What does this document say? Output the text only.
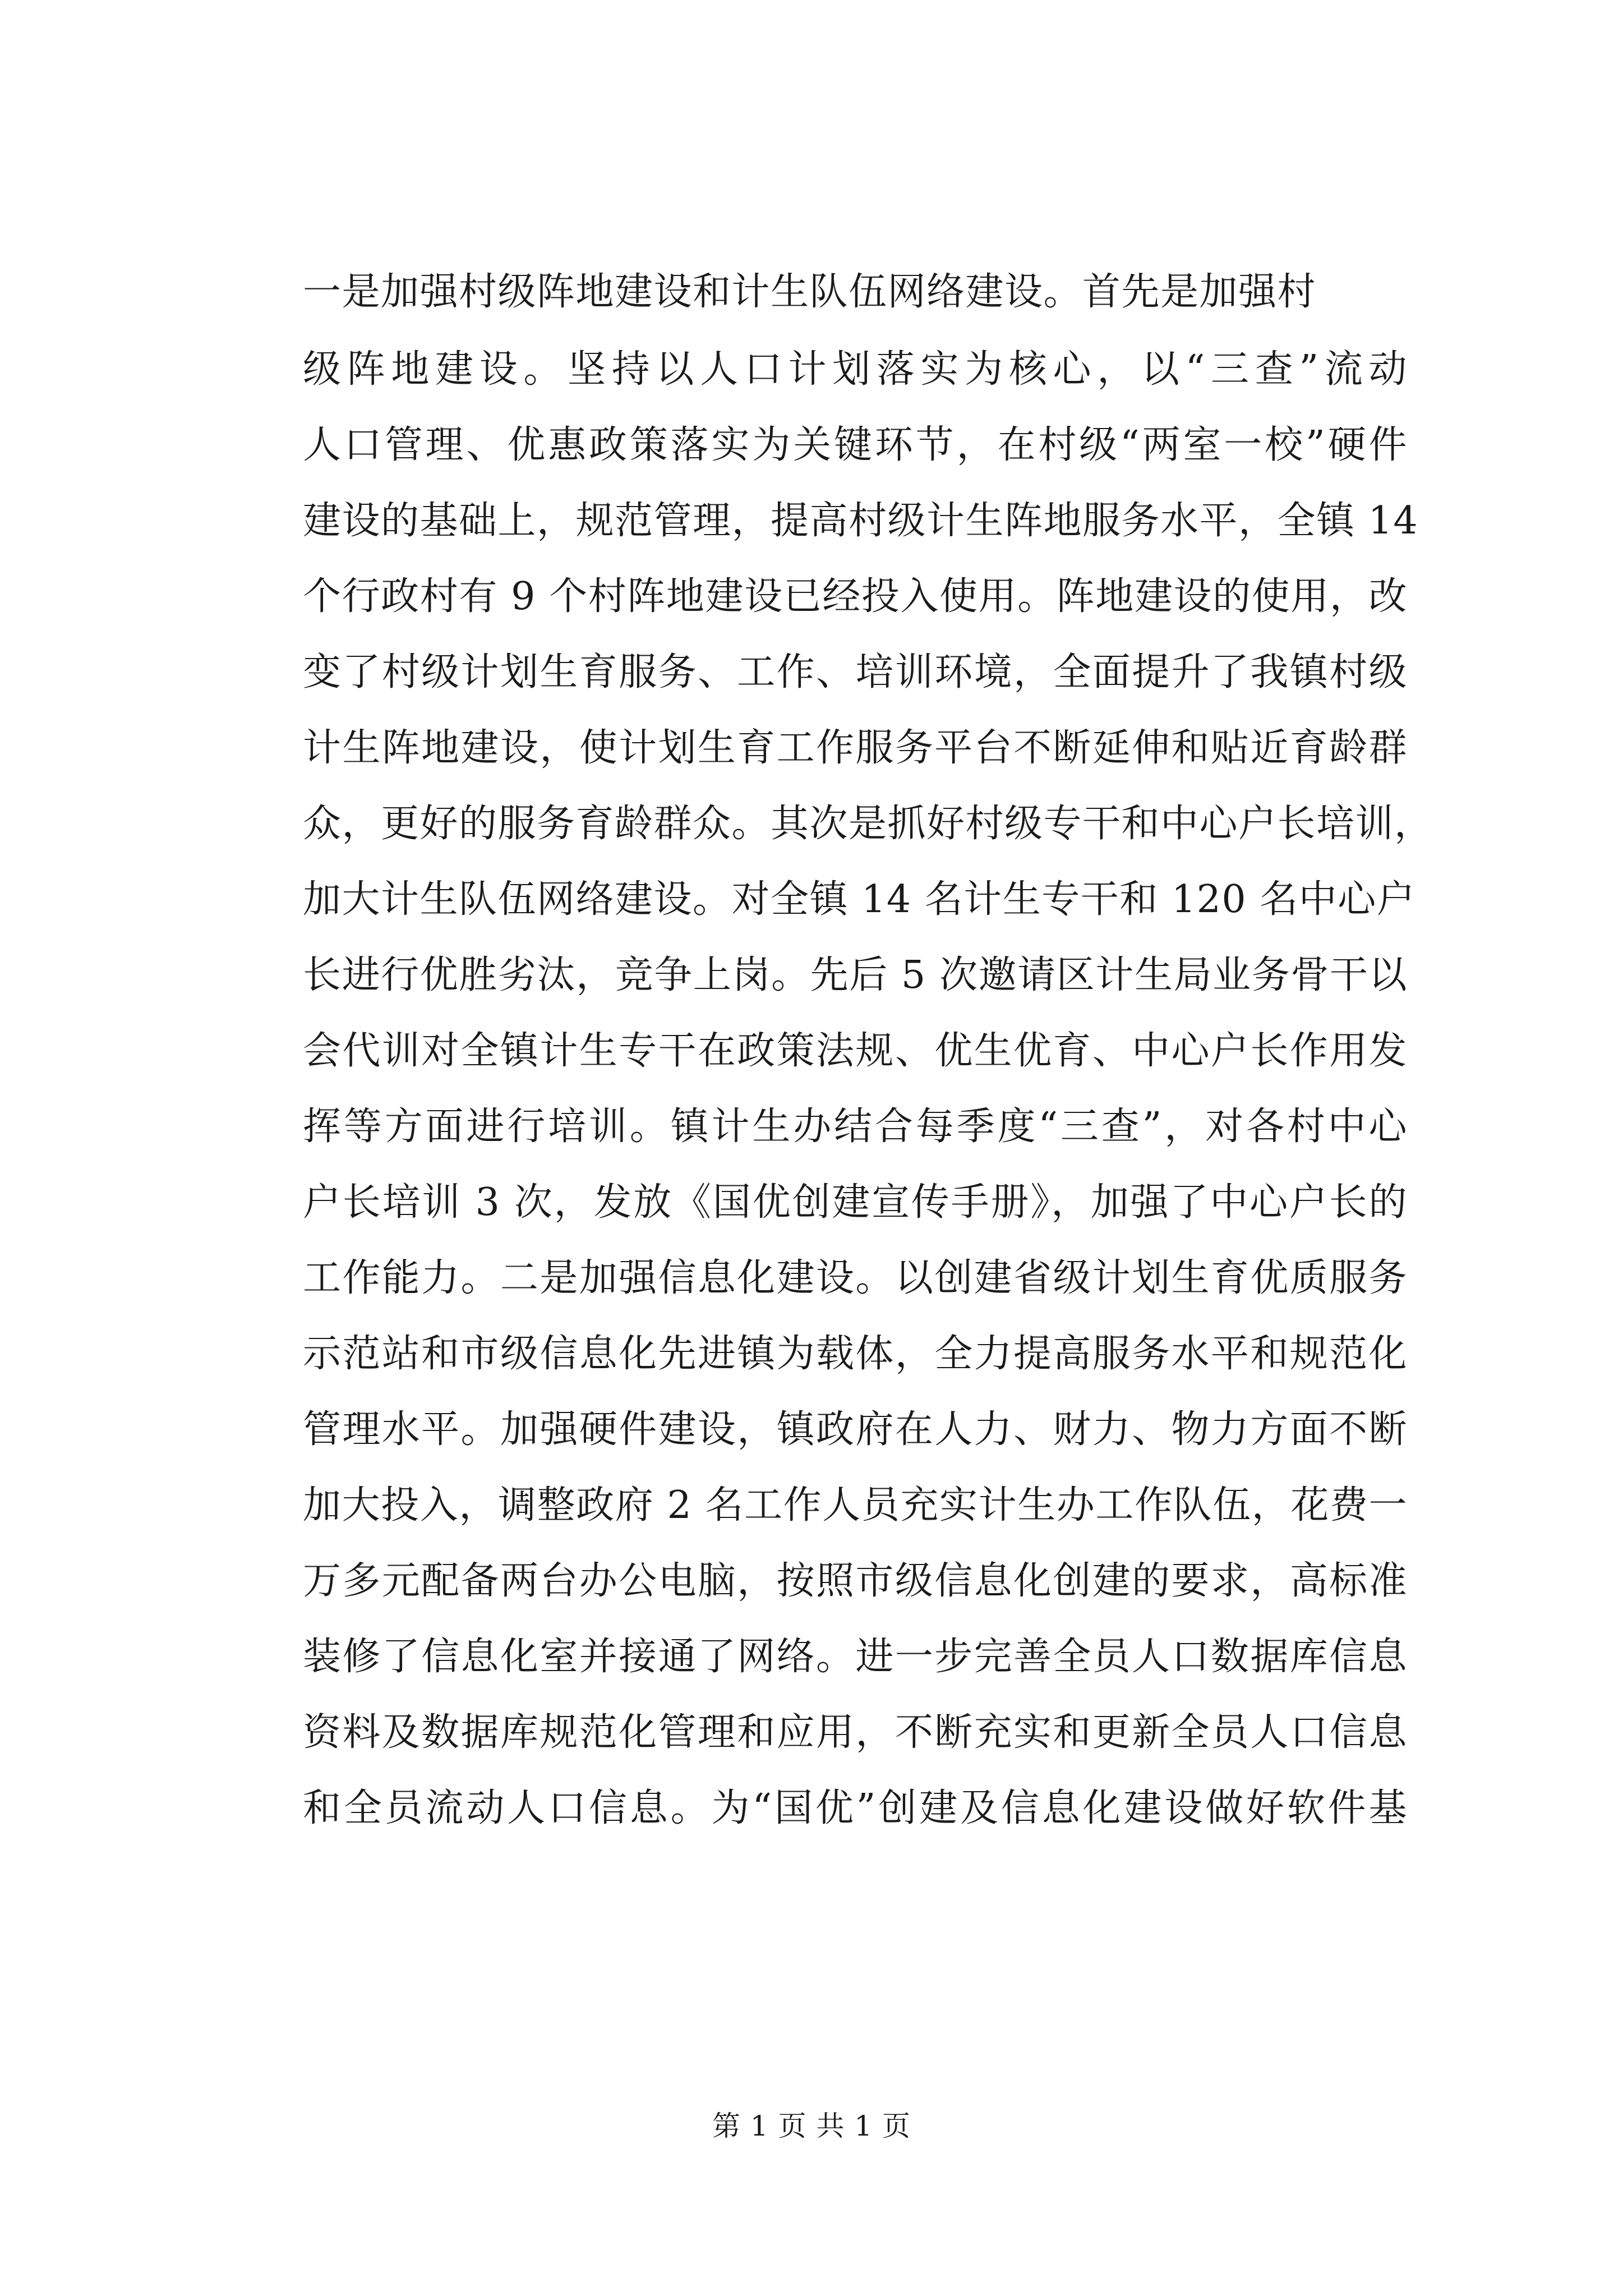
一是加强村级阵地建设和计生队伍网络建设。首先是加强村
级阵地建设。坚持以人口计划落实为核心，以“三查”流动
人口管理、优惠政策落实为关键环节，在村级“两室一校”硬件
建设的基础上，规范管理，提高村级计生阵地服务水平，全镇 14
个行政村有 9 个村阵地建设已经投入使用。阵地建设的使用，改
变了村级计划生育服务、工作、培训环境，全面提升了我镇村级
计生阵地建设，使计划生育工作服务平台不断延伸和贴近育龄群
众，更好的服务育龄群众。其次是抓好村级专干和中心户长培训，
加大计生队伍网络建设。对全镇 14 名计生专干和 120 名中心户
长进行优胜劣汰，竞争上岗。先后 5 次邀请区计生局业务骨干以
会代训对全镇计生专干在政策法规、优生优育、中心户长作用发
挥等方面进行培训。镇计生办结合每季度“三查”，对各村中心
户长培训 3 次，发放《国优创建宣传手册》，加强了中心户长的
工作能力。二是加强信息化建设。以创建省级计划生育优质服务
示范站和市级信息化先进镇为载体，全力提高服务水平和规范化
管理水平。加强硬件建设，镇政府在人力、财力、物力方面不断
加大投入，调整政府 2 名工作人员充实计生办工作队伍，花费一
万多元配备两台办公电脑，按照市级信息化创建的要求，高标准
装修了信息化室并接通了网络。进一步完善全员人口数据库信息
资料及数据库规范化管理和应用，不断充实和更新全员人口信息
和全员流动人口信息。为“国优”创建及信息化建设做好软件基
第 1 页 共 1 页
